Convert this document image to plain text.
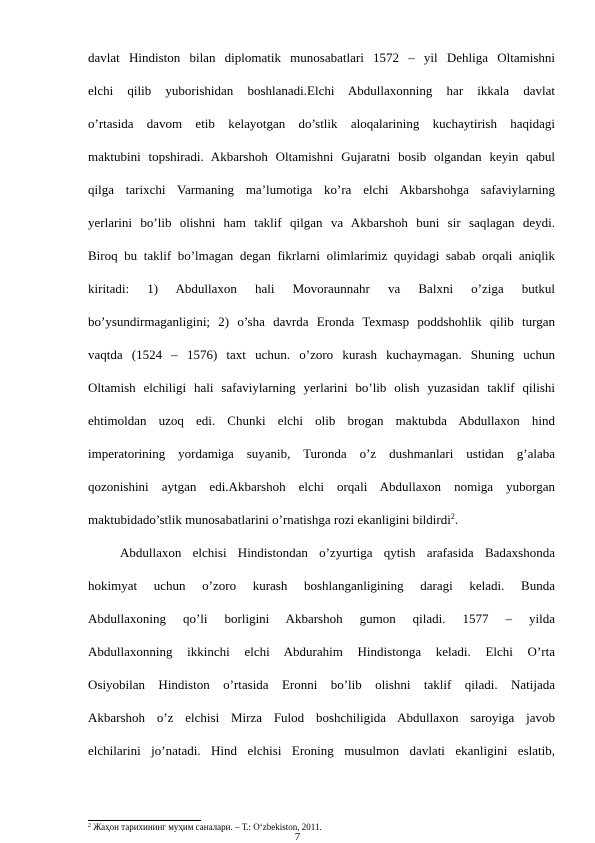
davlat Hindiston bilan diplomatik munosabatlari 1572 – yil Dehliga Oltamishni
elchi qilib yuborishidan boshlanadi.Elchi Abdullaxonning har ikkala davlat
o’rtasida davom etib kelayotgan do’stlik aloqalarining kuchaytirish haqidagi
maktubini topshiradi. Akbarshoh Oltamishni Gujaratni bosib olgandan keyin qabul
qilga tarixchi Varmaning ma’lumotiga ko’ra elchi Akbarshohga safaviylarning
yerlarini bo’lib olishni ham taklif qilgan va Akbarshoh buni sir saqlagan deydi.
Biroq bu taklif bo’lmagan degan fikrlarni olimlarimiz quyidagi sabab orqali aniqlik
kiritadi: 1) Abdullaxon hali Movoraunnahr va Balxni o’ziga butkul
bo’ysundirmaganligini; 2) o’sha davrda Eronda Texmasp poddshohlik qilib turgan
vaqtda (1524 – 1576) taxt uchun. o’zoro kurash kuchaymagan. Shuning uchun
Oltamish elchiligi hali safaviylarning yerlarini bo’lib olish yuzasidan taklif qilishi
ehtimoldan uzoq edi. Chunki elchi olib brogan maktubda Abdullaxon hind
imperatorining yordamiga suyanib, Turonda o’z dushmanlari ustidan g’alaba
qozonishini aytgan edi.Akbarshoh elchi orqali Abdullaxon nomiga yuborgan
maktubidado’stlik munosabatlarini o’rnatishga rozi ekanligini bildirdi$^2$.
Abdullaxon elchisi Hindistondan o’zyurtiga qytish arafasida Badaxshonda
hokimyat uchun o’zoro kurash boshlanganligining daragi keladi. Bunda
Abdullaxoning qo’li borligini Akbarshoh gumon qiladi. 1577 – yilda
Abdullaxonning ikkinchi elchi Abdurahim Hindistonga keladi. Elchi O’rta
Osiyobilan Hindiston o’rtasida Eronni bo’lib olishni taklif qiladi. Natijada
Akbarshoh o’z elchisi Mirza Fulod boshchiligida Abdullaxon saroyiga javob
elchilarini jo’natadi. Hind elchisi Eroning musulmon davlati ekanligini eslatib,
$^2$ Жаҳон тарихининг муҳим саналари. – Т.: O‘zbekiston, 2011.
7
